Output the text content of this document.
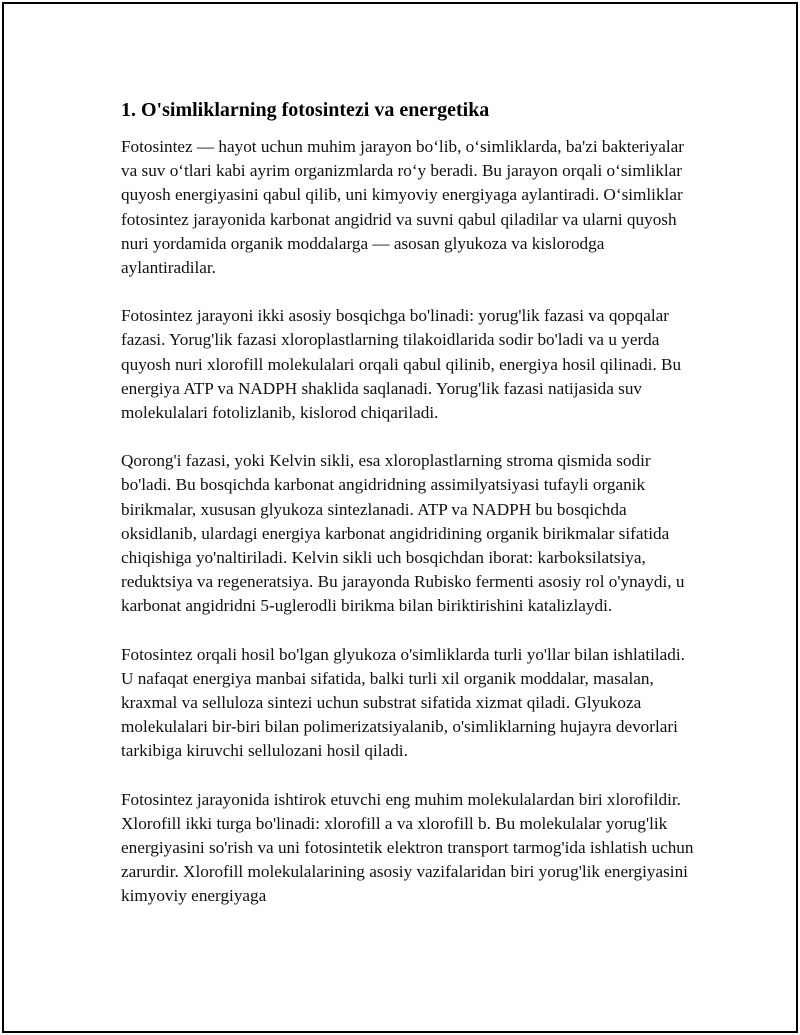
1. O'simliklarning fotosintezi va energetika

Fotosintez — hayot uchun muhim jarayon bo‘lib, o‘simliklarda, ba'zi bakteriyalar va suv o‘tlari kabi ayrim organizmlarda ro‘y beradi. Bu jarayon orqali o‘simliklar quyosh energiyasini qabul qilib, uni kimyoviy energiyaga aylantiradi. O‘simliklar fotosintez jarayonida karbonat angidrid va suvni qabul qiladilar va ularni quyosh nuri yordamida organik moddalarga — asosan glyukoza va kislorodga aylantiradilar.

Fotosintez jarayoni ikki asosiy bosqichga bo'linadi: yorug'lik fazasi va qopqalar fazasi. Yorug'lik fazasi xloroplastlarning tilakoidlarida sodir bo'ladi va u yerda quyosh nuri xlorofill molekulalari orqali qabul qilinib, energiya hosil qilinadi. Bu energiya ATP va NADPH shaklida saqlanadi. Yorug'lik fazasi natijasida suv molekulalari fotolizlanib, kislorod chiqariladi.

Qorong'i fazasi, yoki Kelvin sikli, esa xloroplastlarning stroma qismida sodir bo'ladi. Bu bosqichda karbonat angidridning assimilyatsiyasi tufayli organik birikmalar, xususan glyukoza sintezlanadi. ATP va NADPH bu bosqichda oksidlanib, ulardagi energiya karbonat angidridining organik birikmalar sifatida chiqishiga yo'naltiriladi. Kelvin sikli uch bosqichdan iborat: karboksilatsiya, reduktsiya va regeneratsiya. Bu jarayonda Rubisko fermenti asosiy rol o'ynaydi, u karbonat angidridni 5-uglerodli birikma bilan biriktirishini katalizlaydi.

Fotosintez orqali hosil bo'lgan glyukoza o'simliklarda turli yo'llar bilan ishlatiladi. U nafaqat energiya manbai sifatida, balki turli xil organik moddalar, masalan, kraxmal va selluloza sintezi uchun substrat sifatida xizmat qiladi. Glyukoza molekulalari bir-biri bilan polimerizatsiyalanib, o'simliklarning hujayra devorlari tarkibiga kiruvchi sellulozani hosil qiladi.

Fotosintez jarayonida ishtirok etuvchi eng muhim molekulalardan biri xlorofildir. Xlorofill ikki turga bo'linadi: xlorofill a va xlorofill b. Bu molekulalar yorug'lik energiyasini so'rish va uni fotosintetik elektron transport tarmog'ida ishlatish uchun zarurdir. Xlorofill molekulalarining asosiy vazifalaridan biri yorug'lik energiyasini kimyoviy energiyaga
